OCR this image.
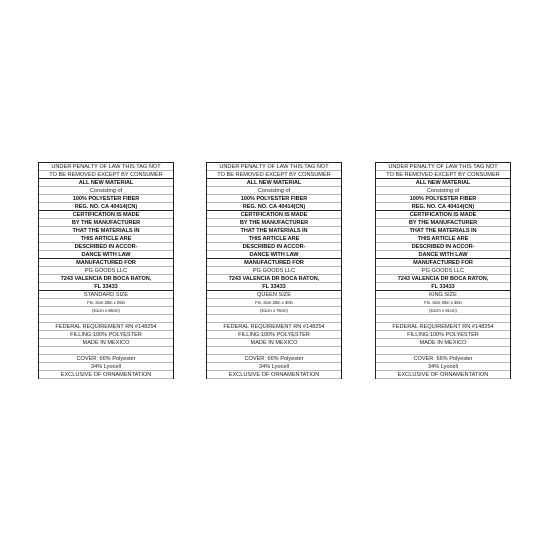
UNDER PENALTY OF LAW THIS TAG NOT
TO BE REMOVED EXCEPT BY CONSUMER
ALL NEW MATERIAL
Consisting of
100% POLYESTER FIBER
REG. NO. CA 40414(CN)
CERTIFICATION IS MADE
BY THE MANUFACTURER
THAT THE MATERIALS IN
THIS ARTICLE ARE
DESCRIBED IN ACCOR-
DANCE WITH LAW
MANUFACTURED FOR
PG GOODS LLC
7243 VALENCIA DR BOCA RATON,
FL 33433
STANDARD SIZE
Fin. Size 20in x 26in
(51cm x 66cm)
FEDERAL REQUIREMENT RN #148254
FILLING:100% POLYESTER
MADE IN MEXICO
COVER: 66% Polyester
34% Lyocell
EXCLUSIVE OF ORNAMENTATION
UNDER PENALTY OF LAW THIS TAG NOT
TO BE REMOVED EXCEPT BY CONSUMER
ALL NEW MATERIAL
Consisting of
100% POLYESTER FIBER
REG. NO. CA 40414(CN)
CERTIFICATION IS MADE
BY THE MANUFACTURER
THAT THE MATERIALS IN
THIS ARTICLE ARE
DESCRIBED IN ACCOR-
DANCE WITH LAW
MANUFACTURED FOR
PG GOODS LLC
7243 VALENCIA DR BOCA RATON,
FL 33433
QUEEN SIZE
Fin. Size 20in x 30in
(51cm x 76cm)
FEDERAL REQUIREMENT RN #148254
FILLING:100% POLYESTER
MADE IN MEXICO
COVER: 66% Polyester
34% Lyocell
EXCLUSIVE OF ORNAMENTATION
UNDER PENALTY OF LAW THIS TAG NOT
TO BE REMOVED EXCEPT BY CONSUMER
ALL NEW MATERIAL
Consisting of
100% POLYESTER FIBER
REG. NO. CA 40414(CN)
CERTIFICATION IS MADE
BY THE MANUFACTURER
THAT THE MATERIALS IN
THIS ARTICLE ARE
DESCRIBED IN ACCOR-
DANCE WITH LAW
MANUFACTURED FOR
PG GOODS LLC
7243 VALENCIA DR BOCA RATON,
FL 33433
KING SIZE
Fin. Size 20in x 36in
(51cm x 91cm)
FEDERAL REQUIREMENT RN #148254
FILLING:100% POLYESTER
MADE IN MEXICO
COVER: 66% Polyester
34% Lyocell
EXCLUSIVE OF ORNAMENTATION
